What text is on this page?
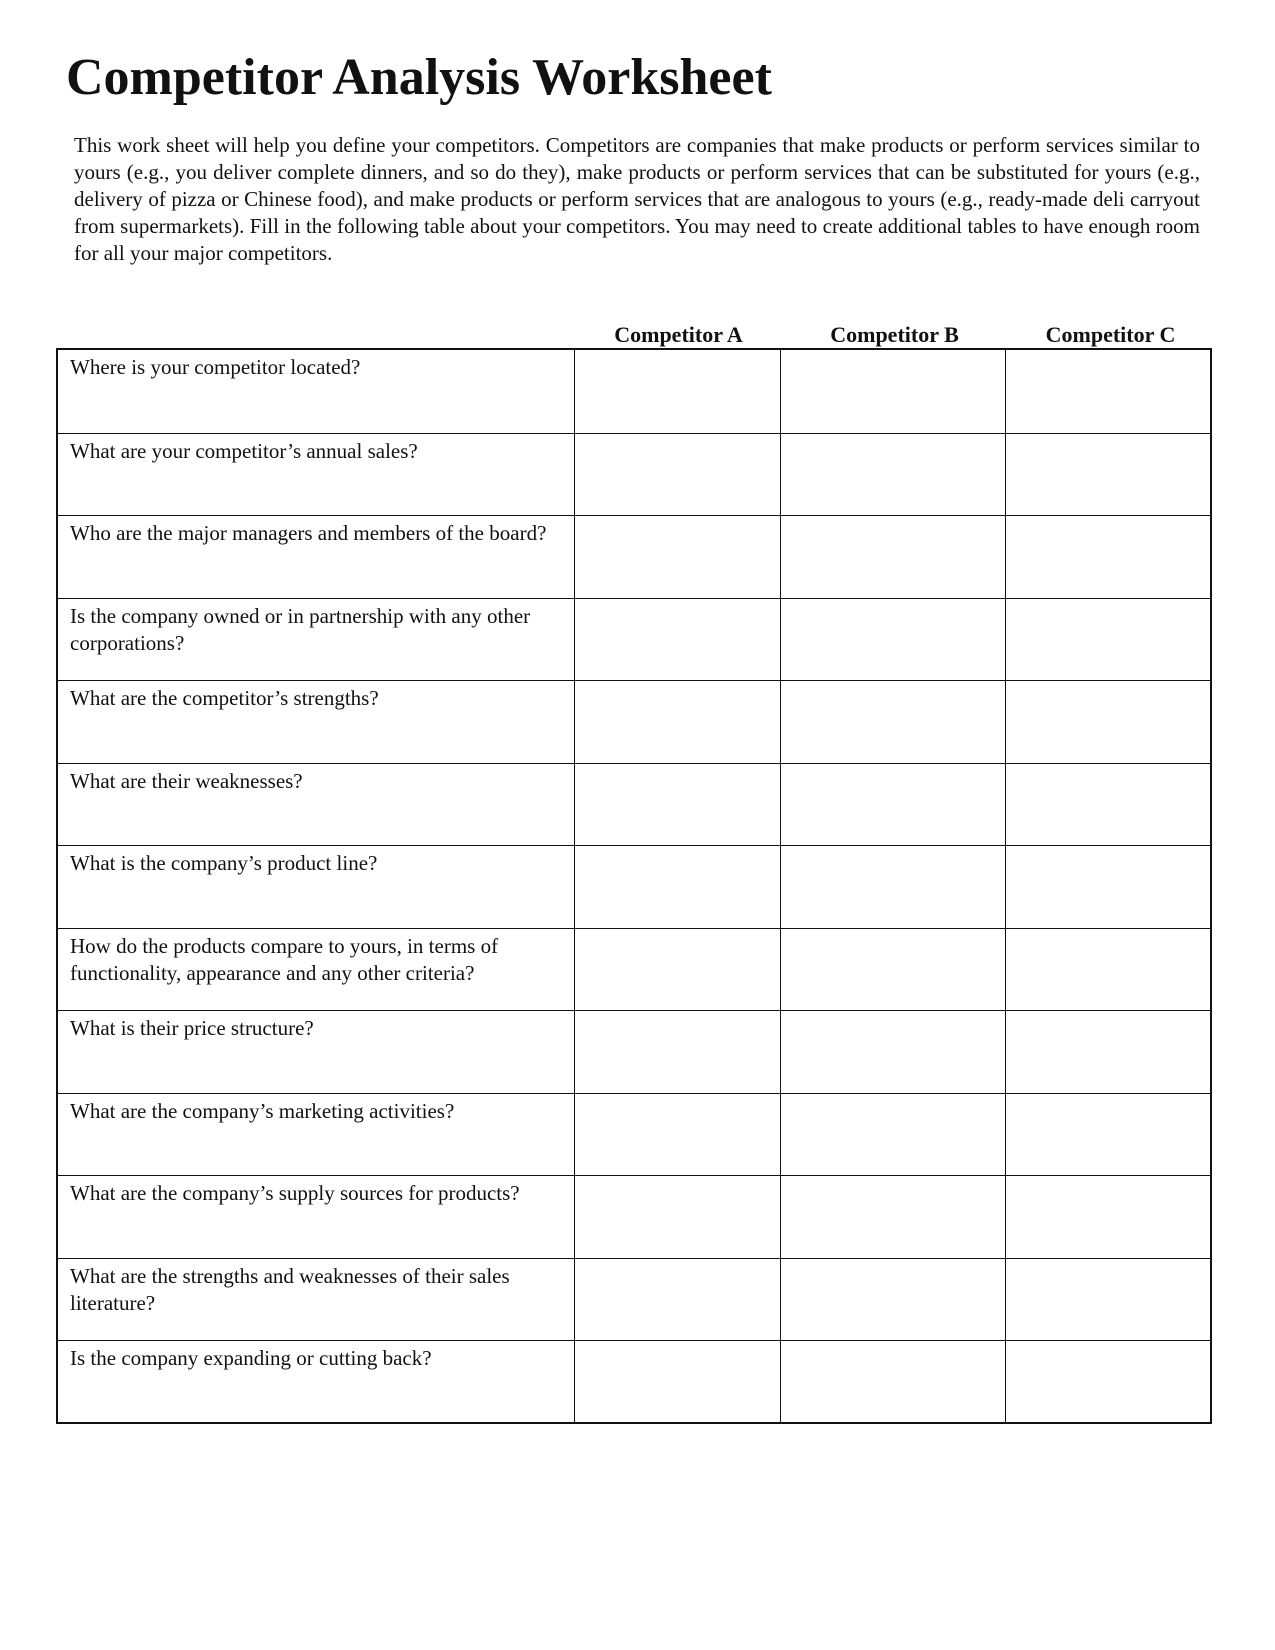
Competitor Analysis Worksheet

This work sheet will help you define your competitors. Competitors are companies that make products or perform services similar to yours (e.g., you deliver complete dinners, and so do they), make products or perform services that can be substituted for yours (e.g., delivery of pizza or Chinese food), and make products or perform services that are analogous to yours (e.g., ready-made deli carryout from supermarkets). Fill in the following table about your competitors. You may need to create additional tables to have enough room for all your major competitors.

Competitor A	Competitor B	Competitor C
Where is your competitor located?
What are your competitor’s annual sales?
Who are the major managers and members of the board?
Is the company owned or in partnership with any other corporations?
What are the competitor’s strengths?
What are their weaknesses?
What is the company’s product line?
How do the products compare to yours, in terms of functionality, appearance and any other criteria?
What is their price structure?
What are the company’s marketing activities?
What are the company’s supply sources for products?
What are the strengths and weaknesses of their sales literature?
Is the company expanding or cutting back?
